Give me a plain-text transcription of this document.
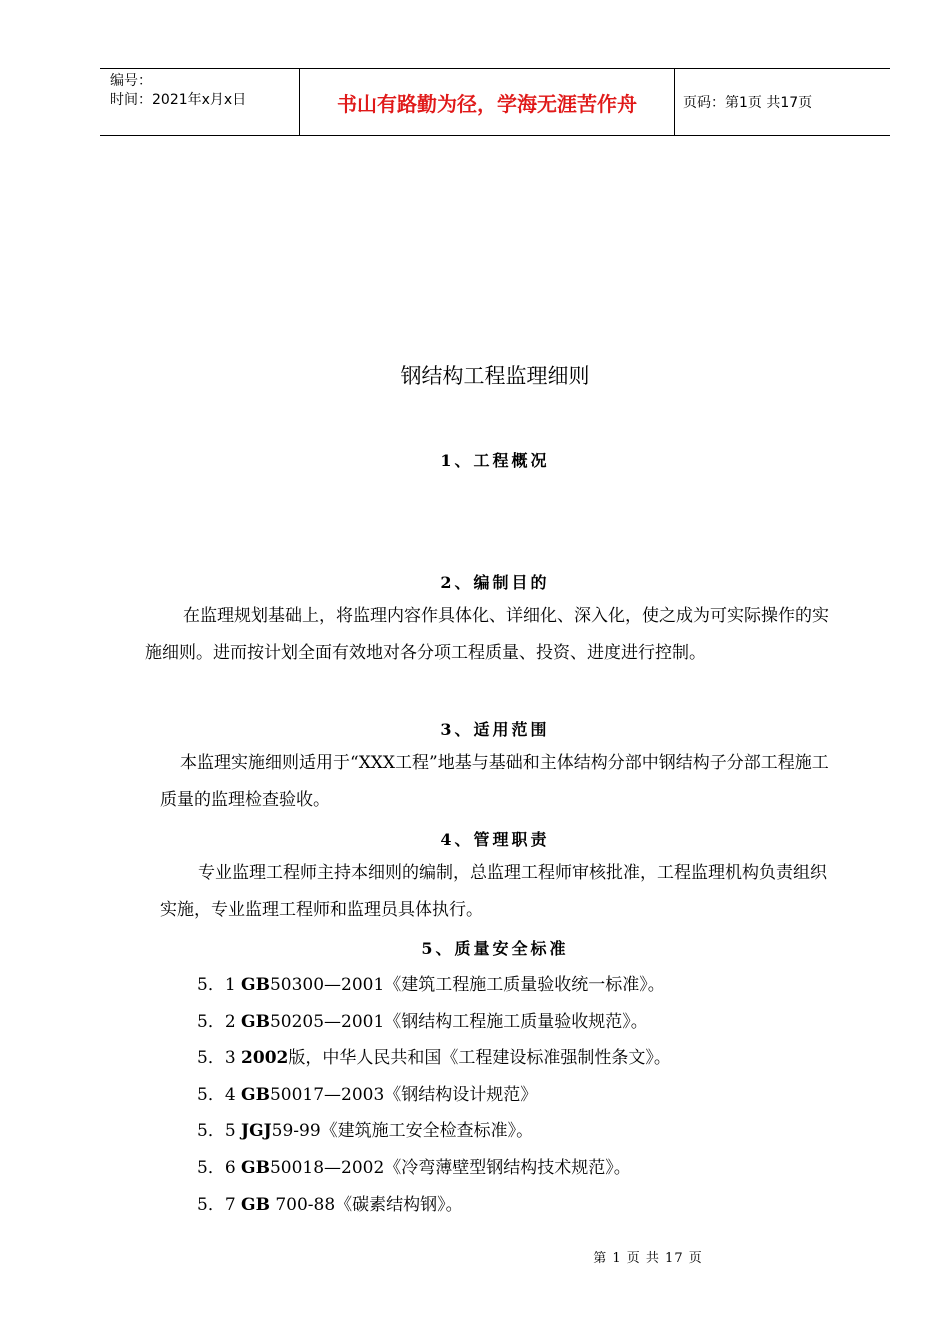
编号：
时间：2021年x月x日	书山有路勤为径，学海无涯苦作舟	页码：第1页 共17页
钢结构工程监理细则
1、工程概况
2、编制目的
在监理规划基础上，将监理内容作具体化、详细化、深入化，使之成为可实际操作的实施细则。进而按计划全面有效地对各分项工程质量、投资、进度进行控制。
3、适用范围
本监理实施细则适用于“XXX工程”地基与基础和主体结构分部中钢结构子分部工程施工质量的监理检查验收。
4、管理职责
专业监理工程师主持本细则的编制，总监理工程师审核批准，工程监理机构负责组织实施，专业监理工程师和监理员具体执行。
5、质量安全标准
5．1 GB50300—2001《建筑工程施工质量验收统一标准》。
5．2 GB50205—2001《钢结构工程施工质量验收规范》。
5．3 2002版，中华人民共和国《工程建设标准强制性条文》。
5．4 GB50017—2003《钢结构设计规范》
5．5 JGJ59-99《建筑施工安全检查标准》。
5．6 GB50018—2002《冷弯薄壁型钢结构技术规范》。
5．7 GB 700-88《碳素结构钢》。
第 1 页 共 17 页
